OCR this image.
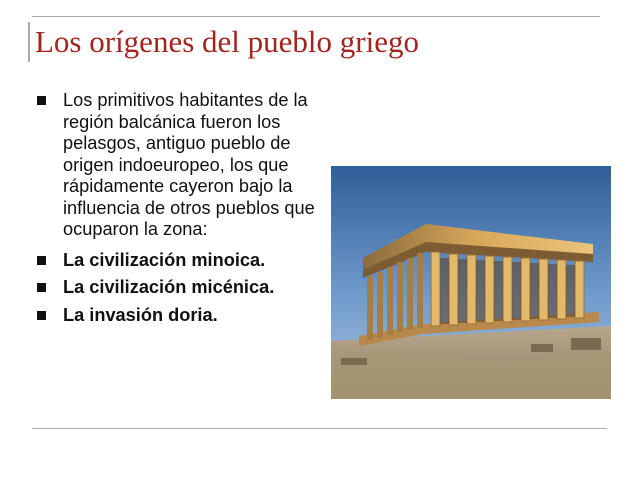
Los orígenes del pueblo griego
Los primitivos habitantes de la región balcánica fueron los pelasgos, antiguo pueblo de origen indoeuropeo, los que rápidamente cayeron bajo la influencia de otros pueblos que ocuparon la zona:
La civilización minoica.
La civilización micénica.
La invasión doria.
